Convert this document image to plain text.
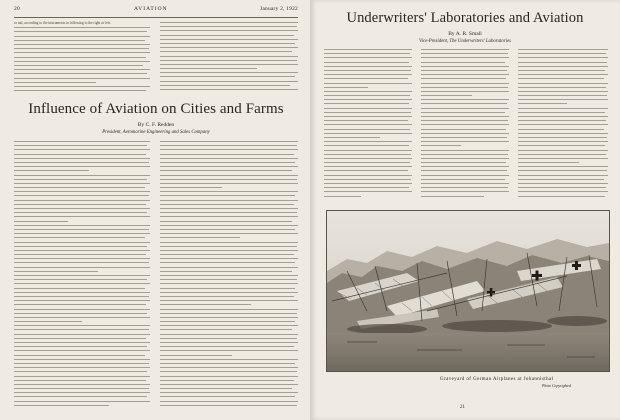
20	AVIATION	January 2, 1922
or tail, according to the instruments in following to the right or left.
Influence of Aviation on Cities and Farms
By C. F. Redden
President, Aeromarine Engineering and Sales Company
Underwriters' Laboratories and Aviation
By A. R. Small
Vice-President, The Underwriters' Laboratories
Graveyard of German Airplanes at Johannisthal
Photo Copyrighted
21
